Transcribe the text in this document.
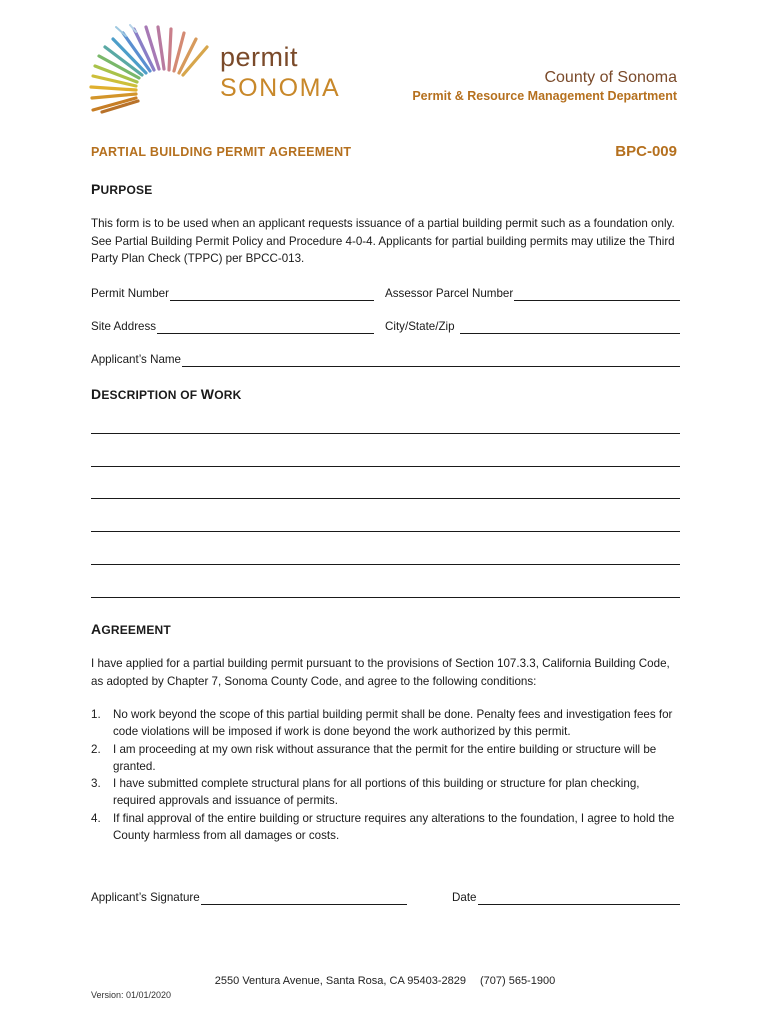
permit
SONOMA	County of Sonoma
Permit & Resource Management Department
PARTIAL BUILDING PERMIT AGREEMENT	BPC-009
PURPOSE
This form is to be used when an applicant requests issuance of a partial building permit such as a foundation only. See Partial Building Permit Policy and Procedure 4-0-4. Applicants for partial building permits may utilize the Third Party Plan Check (TPPC) per BPCC-013.
Permit Number	Assessor Parcel Number
Site Address	City/State/Zip
Applicant’s Name
DESCRIPTION OF WORK
AGREEMENT
I have applied for a partial building permit pursuant to the provisions of Section 107.3.3, California Building Code, as adopted by Chapter 7, Sonoma County Code, and agree to the following conditions:
1. No work beyond the scope of this partial building permit shall be done. Penalty fees and investigation fees for code violations will be imposed if work is done beyond the work authorized by this permit.
2. I am proceeding at my own risk without assurance that the permit for the entire building or structure will be granted.
3. I have submitted complete structural plans for all portions of this building or structure for plan checking, required approvals and issuance of permits.
4. If final approval of the entire building or structure requires any alterations to the foundation, I agree to hold the County harmless from all damages or costs.
Applicant’s Signature	Date
2550 Ventura Avenue, Santa Rosa, CA 95403-2829 (707) 565-1900
Version: 01/01/2020
